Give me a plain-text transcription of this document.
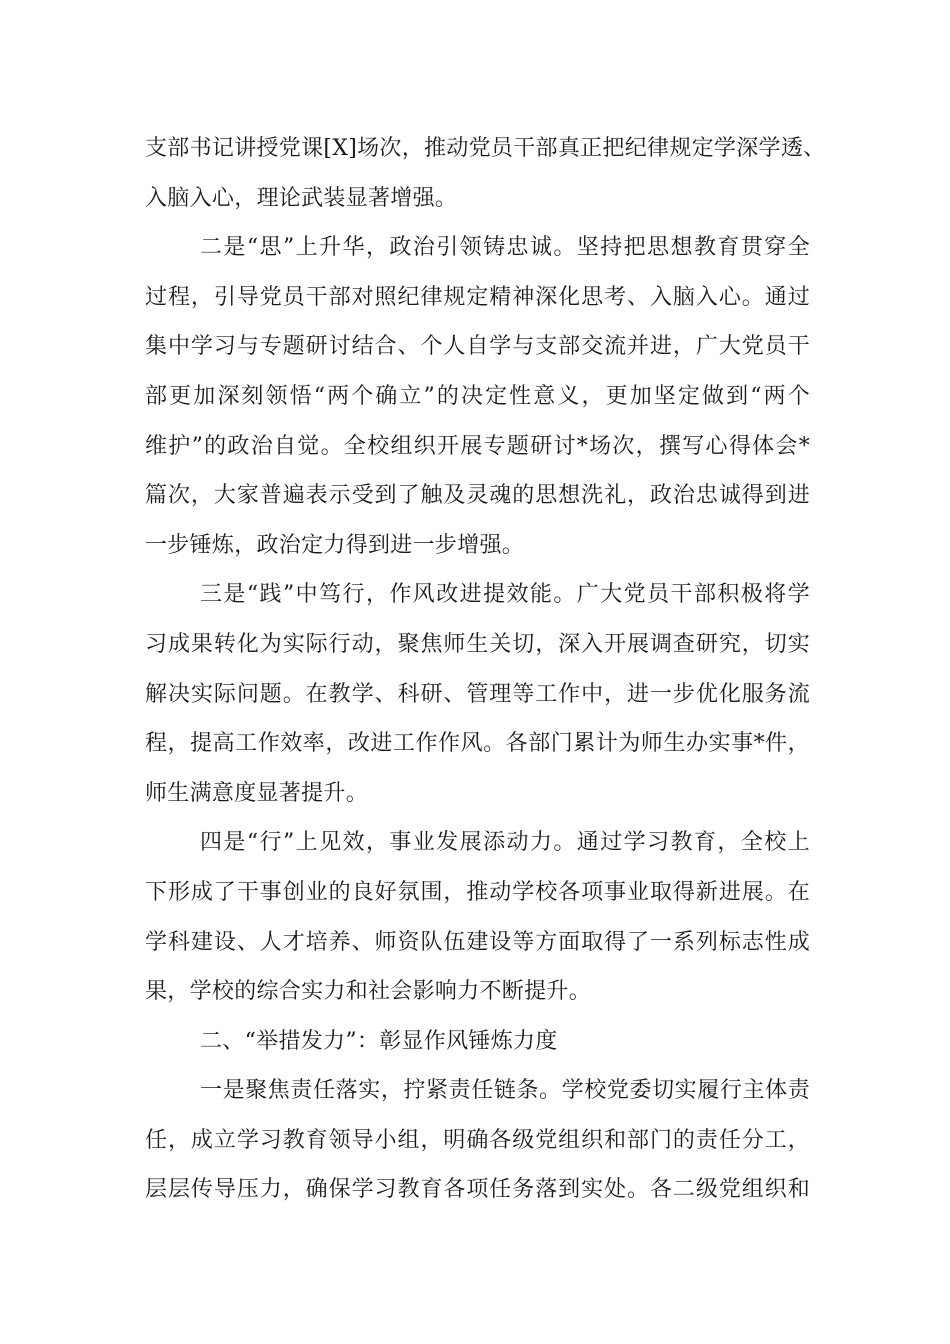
支部书记讲授党课[X]场次，推动党员干部真正把纪律规定学深学透、
入脑入心，理论武装显著增强。

二是“思”上升华，政治引领铸忠诚。坚持把思想教育贯穿全
过程，引导党员干部对照纪律规定精神深化思考、入脑入心。通过
集中学习与专题研讨结合、个人自学与支部交流并进，广大党员干
部更加深刻领悟“两个确立”的决定性意义，更加坚定做到“两个
维护”的政治自觉。全校组织开展专题研讨*场次，撰写心得体会*
篇次，大家普遍表示受到了触及灵魂的思想洗礼，政治忠诚得到进
一步锤炼，政治定力得到进一步增强。

三是“践”中笃行，作风改进提效能。广大党员干部积极将学
习成果转化为实际行动，聚焦师生关切，深入开展调查研究，切实
解决实际问题。在教学、科研、管理等工作中，进一步优化服务流
程，提高工作效率，改进工作作风。各部门累计为师生办实事*件，
师生满意度显著提升。

四是“行”上见效，事业发展添动力。通过学习教育，全校上
下形成了干事创业的良好氛围，推动学校各项事业取得新进展。在
学科建设、人才培养、师资队伍建设等方面取得了一系列标志性成
果，学校的综合实力和社会影响力不断提升。

二、“举措发力”：彰显作风锤炼力度

一是聚焦责任落实，拧紧责任链条。学校党委切实履行主体责
任，成立学习教育领导小组，明确各级党组织和部门的责任分工，
层层传导压力，确保学习教育各项任务落到实处。各二级党组织和
